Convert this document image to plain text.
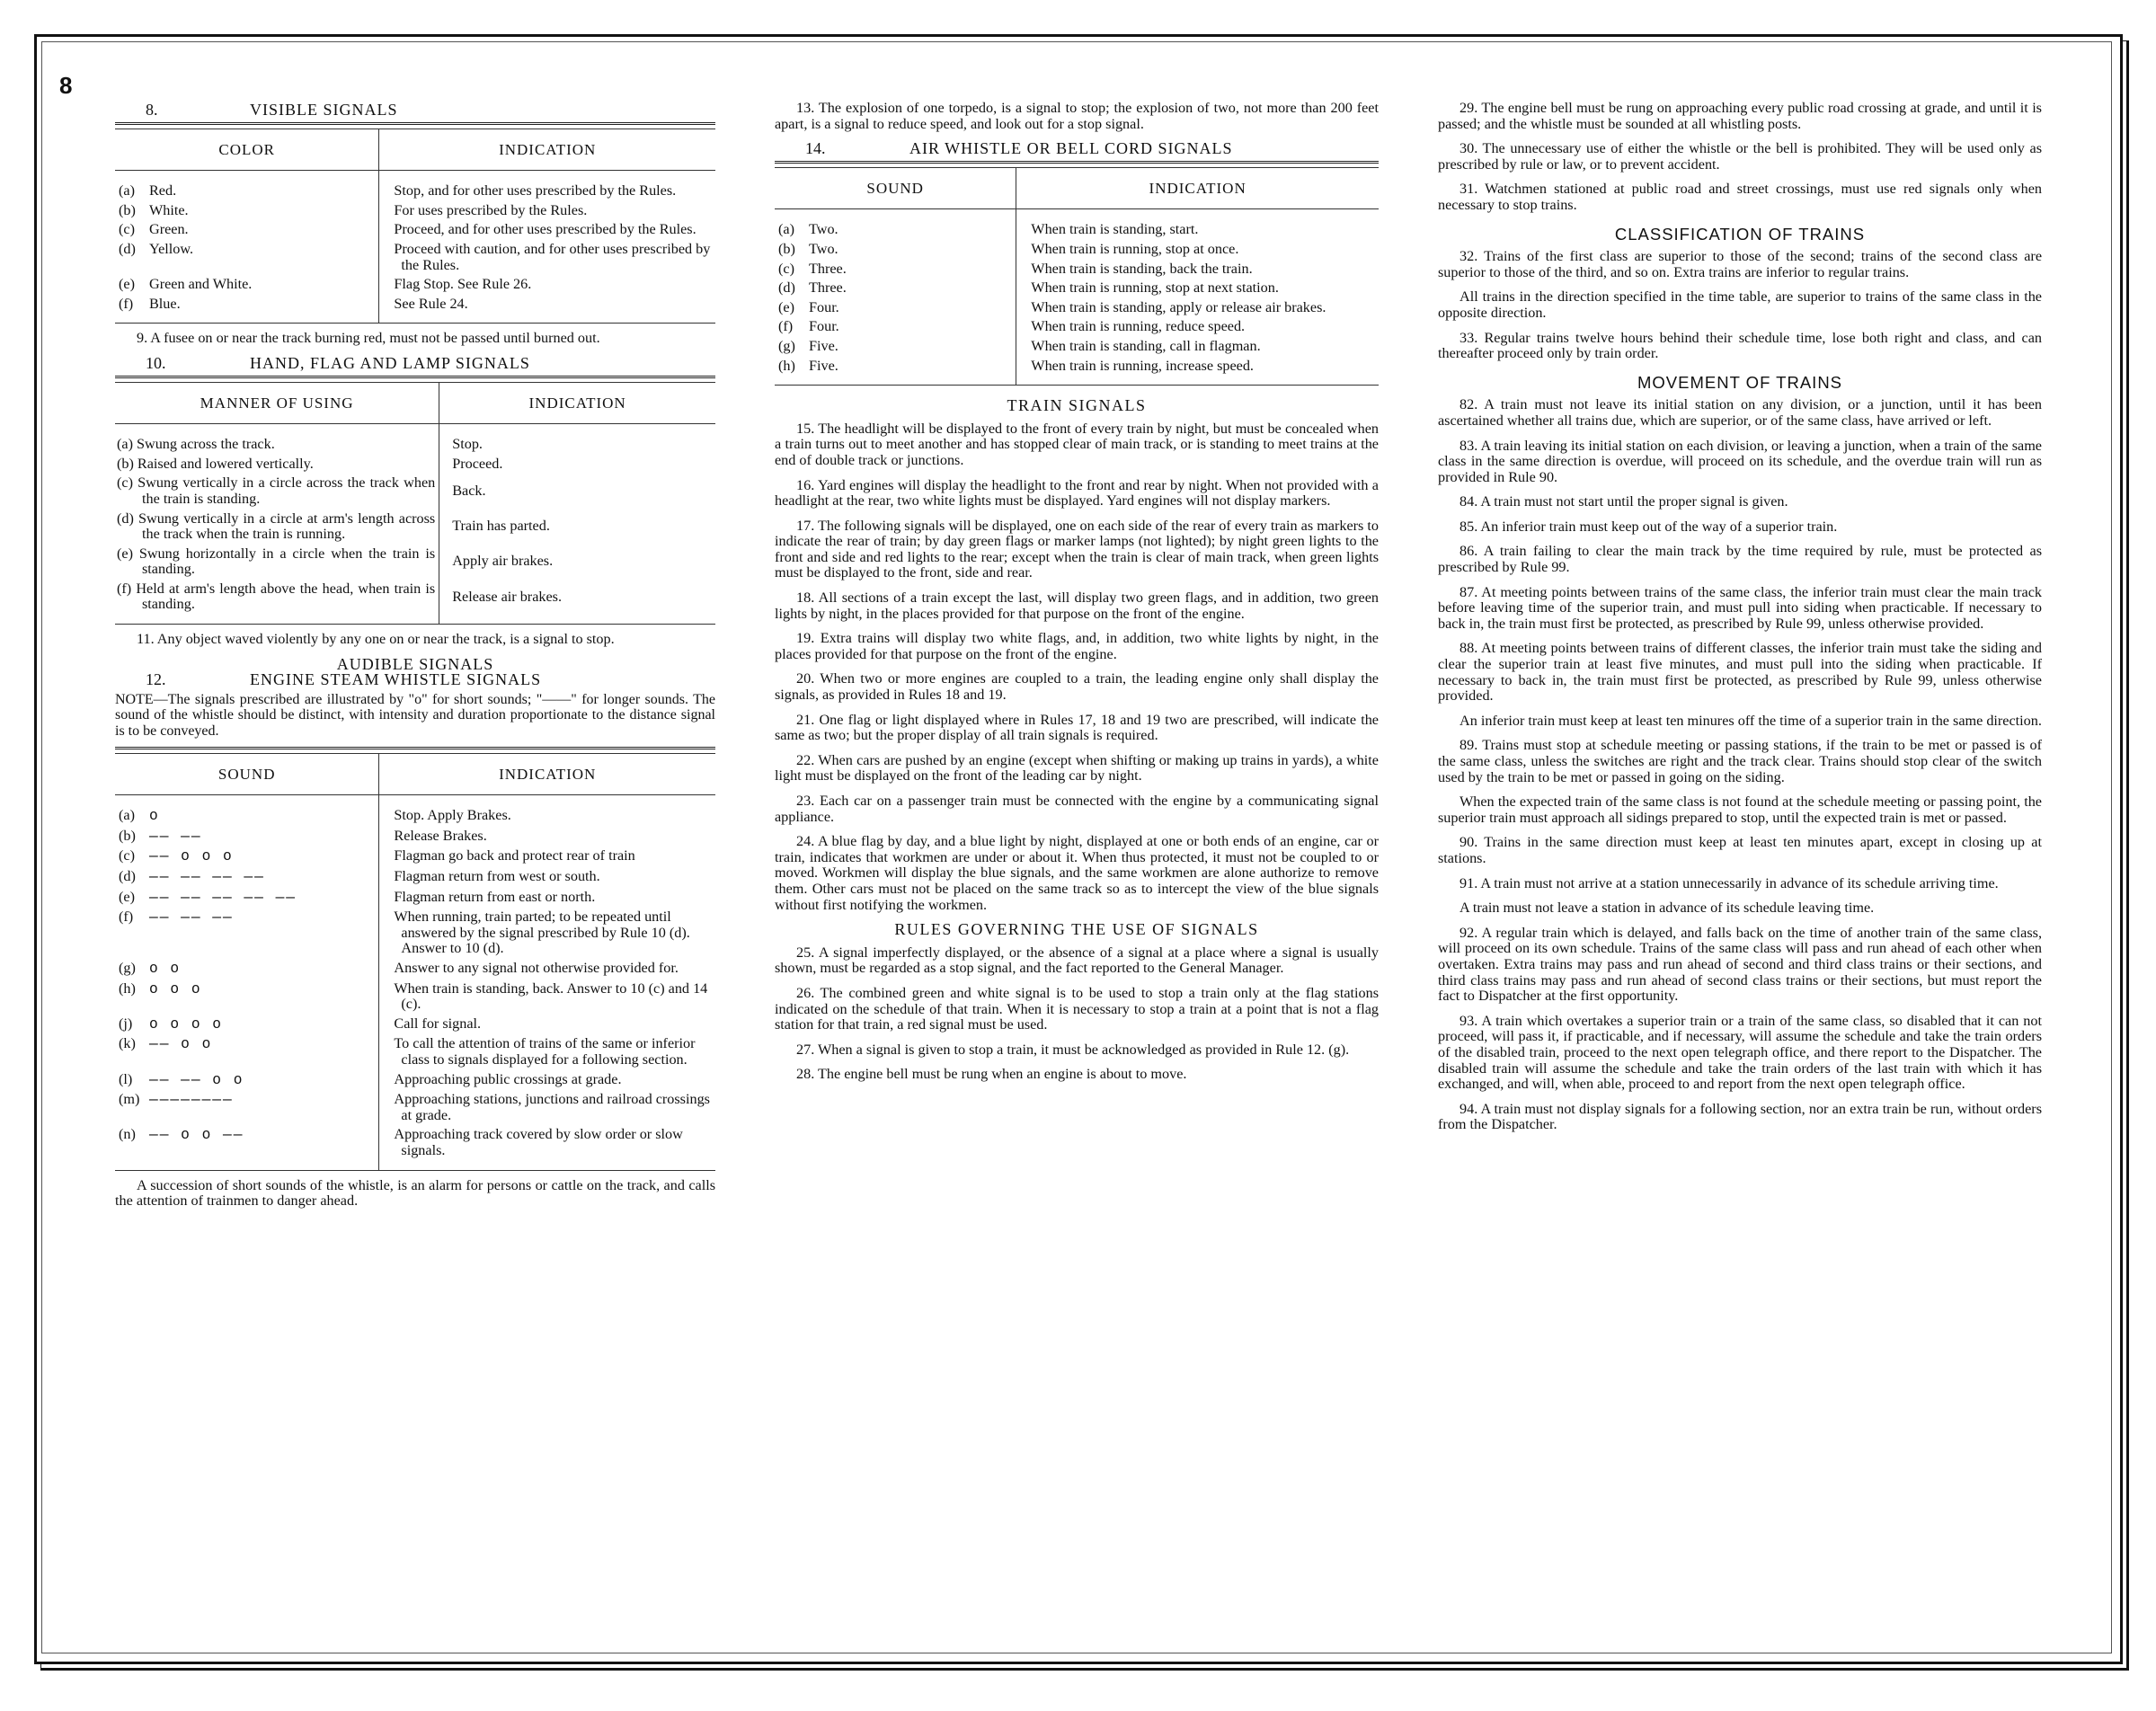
8
8.	VISIBLE SIGNALS
COLOR	INDICATION
(a) Red.	Stop, and for other uses prescribed by the Rules.
(b) White.	For uses prescribed by the Rules.
(c) Green.	Proceed, and for other uses prescribed by the Rules.
(d) Yellow.	Proceed with caution, and for other uses prescribed by the Rules.
(e) Green and White.	Flag Stop. See Rule 26.
(f) Blue.	See Rule 24.

9. A fusee on or near the track burning red, must not be passed until burned out.

10.	HAND, FLAG AND LAMP SIGNALS
MANNER OF USING	INDICATION
(a) Swung across the track.	Stop.
(b) Raised and lowered vertically.	Proceed.
(c) Swung vertically in a circle across the track when the train is standing.	Back.
(d) Swung vertically in a circle at arm's length across the track when the train is running.	Train has parted.
(e) Swung horizontally in a circle when the train is standing.	Apply air brakes.
(f) Held at arm's length above the head, when train is standing.	Release air brakes.

11. Any object waved violently by any one on or near the track, is a signal to stop.

AUDIBLE SIGNALS
12.	ENGINE STEAM WHISTLE SIGNALS
NOTE—The signals prescribed are illustrated by "o" for short sounds; "——" for longer sounds. The sound of the whistle should be distinct, with intensity and duration proportionate to the distance signal is to be conveyed.
SOUND	INDICATION
(a) o	Stop. Apply Brakes.
(b) —— ——	Release Brakes.
(c) —— o o o	Flagman go back and protect rear of train
(d) —— —— —— ——	Flagman return from west or south.
(e) —— —— —— —— ——	Flagman return from east or north.
(f) —— —— ——	When running, train parted; to be repeated until answered by the signal prescribed by Rule 10 (d). Answer to 10 (d).
(g) o o	Answer to any signal not otherwise provided for.
(h) o o o	When train is standing, back. Answer to 10 (c) and 14 (c).
(j) o o o o	Call for signal.
(k) —— o o	To call the attention of trains of the same or inferior class to signals displayed for a following section.
(l) —— —— o o	Approaching public crossings at grade.
(m) ————————	Approaching stations, junctions and railroad crossings at grade.
(n) —— o o ——	Approaching track covered by slow order or slow signals.

A succession of short sounds of the whistle, is an alarm for persons or cattle on the track, and calls the attention of trainmen to danger ahead.

13. The explosion of one torpedo, is a signal to stop; the explosion of two, not more than 200 feet apart, is a signal to reduce speed, and look out for a stop signal.

14.	AIR WHISTLE OR BELL CORD SIGNALS
SOUND	INDICATION
(a) Two.	When train is standing, start.
(b) Two.	When train is running, stop at once.
(c) Three.	When train is standing, back the train.
(d) Three.	When train is running, stop at next station.
(e) Four.	When train is standing, apply or release air brakes.
(f) Four.	When train is running, reduce speed.
(g) Five.	When train is standing, call in flagman.
(h) Five.	When train is running, increase speed.
TRAIN SIGNALS

15. The headlight will be displayed to the front of every train by night, but must be concealed when a train turns out to meet another and has stopped clear of main track, or is standing to meet trains at the end of double track or junctions.

16. Yard engines will display the headlight to the front and rear by night. When not provided with a headlight at the rear, two white lights must be displayed. Yard engines will not display markers.

17. The following signals will be displayed, one on each side of the rear of every train as markers to indicate the rear of train; by day green flags or marker lamps (not lighted); by night green lights to the front and side and red lights to the rear; except when the train is clear of main track, when green lights must be displayed to the front, side and rear.

18. All sections of a train except the last, will display two green flags, and in addition, two green lights by night, in the places provided for that purpose on the front of the engine.

19. Extra trains will display two white flags, and, in addition, two white lights by night, in the places provided for that purpose on the front of the engine.

20. When two or more engines are coupled to a train, the leading engine only shall display the signals, as provided in Rules 18 and 19.

21. One flag or light displayed where in Rules 17, 18 and 19 two are prescribed, will indicate the same as two; but the proper display of all train signals is required.

22. When cars are pushed by an engine (except when shifting or making up trains in yards), a white light must be displayed on the front of the leading car by night.

23. Each car on a passenger train must be connected with the engine by a communicating signal appliance.

24. A blue flag by day, and a blue light by night, displayed at one or both ends of an engine, car or train, indicates that workmen are under or about it. When thus protected, it must not be coupled to or moved. Workmen will display the blue signals, and the same workmen are alone authorize to remove them. Other cars must not be placed on the same track so as to intercept the view of the blue signals without first notifying the workmen.

RULES GOVERNING THE USE OF SIGNALS

25. A signal imperfectly displayed, or the absence of a signal at a place where a signal is usually shown, must be regarded as a stop signal, and the fact reported to the General Manager.

26. The combined green and white signal is to be used to stop a train only at the flag stations indicated on the schedule of that train. When it is necessary to stop a train at a point that is not a flag station for that train, a red signal must be used.

27. When a signal is given to stop a train, it must be acknowledged as provided in Rule 12. (g).

28. The engine bell must be rung when an engine is about to move.

29. The engine bell must be rung on approaching every public road crossing at grade, and until it is passed; and the whistle must be sounded at all whistling posts.

30. The unnecessary use of either the whistle or the bell is prohibited. They will be used only as prescribed by rule or law, or to prevent accident.

31. Watchmen stationed at public road and street crossings, must use red signals only when necessary to stop trains.

CLASSIFICATION OF TRAINS

32. Trains of the first class are superior to those of the second; trains of the second class are superior to those of the third, and so on. Extra trains are inferior to regular trains.

All trains in the direction specified in the time table, are superior to trains of the same class in the opposite direction.

33. Regular trains twelve hours behind their schedule time, lose both right and class, and can thereafter proceed only by train order.

MOVEMENT OF TRAINS

82. A train must not leave its initial station on any division, or a junction, until it has been ascertained whether all trains due, which are superior, or of the same class, have arrived or left.

83. A train leaving its initial station on each division, or leaving a junction, when a train of the same class in the same direction is overdue, will proceed on its schedule, and the overdue train will run as provided in Rule 90.

84. A train must not start until the proper signal is given.

85. An inferior train must keep out of the way of a superior train.

86. A train failing to clear the main track by the time required by rule, must be protected as prescribed by Rule 99.

87. At meeting points between trains of the same class, the inferior train must clear the main track before leaving time of the superior train, and must pull into siding when practicable. If necessary to back in, the train must first be protected, as prescribed by Rule 99, unless otherwise provided.

88. At meeting points between trains of different classes, the inferior train must take the siding and clear the superior train at least five minutes, and must pull into the siding when practicable. If necessary to back in, the train must first be protected, as prescribed by Rule 99, unless otherwise provided.

An inferior train must keep at least ten minures off the time of a superior train in the same direction.

89. Trains must stop at schedule meeting or passing stations, if the train to be met or passed is of the same class, unless the switches are right and the track clear. Trains should stop clear of the switch used by the train to be met or passed in going on the siding.

When the expected train of the same class is not found at the schedule meeting or passing point, the superior train must approach all sidings prepared to stop, until the expected train is met or passed.

90. Trains in the same direction must keep at least ten minutes apart, except in closing up at stations.

91. A train must not arrive at a station unnecessarily in advance of its schedule arriving time.

A train must not leave a station in advance of its schedule leaving time.

92. A regular train which is delayed, and falls back on the time of another train of the same class, will proceed on its own schedule. Trains of the same class will pass and run ahead of each other when overtaken. Extra trains may pass and run ahead of second and third class trains or their sections, and third class trains may pass and run ahead of second class trains or their sections, but must report the fact to Dispatcher at the first opportunity.

93. A train which overtakes a superior train or a train of the same class, so disabled that it can not proceed, will pass it, if practicable, and if necessary, will assume the schedule and take the train orders of the disabled train, proceed to the next open telegraph office, and there report to the Dispatcher. The disabled train will assume the schedule and take the train orders of the last train with which it has exchanged, and will, when able, proceed to and report from the next open telegraph office.

94. A train must not display signals for a following section, nor an extra train be run, without orders from the Dispatcher.
